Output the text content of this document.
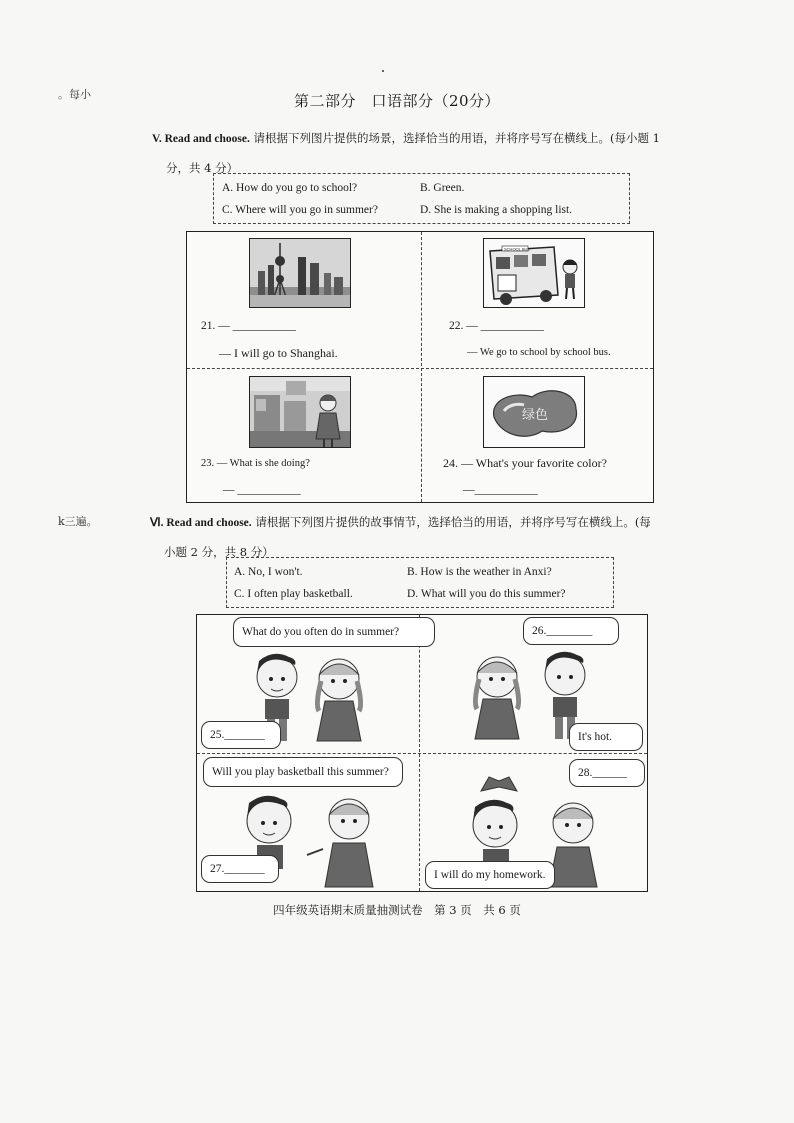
。每小
k三遍。
第二部分　口语部分（20分）
V. Read and choose. 请根据下列图片提供的场景，选择恰当的用语，并将序号写在横线上。(每小题 1
分，共 4 分）
A. How do you go to school?	B. Green.
C. Where will you go in summer?	D. She is making a shopping list.
21. — ___________
— I will go to Shanghai.
SCHOOL BUS
22. — ___________
— We go to school by school bus.
23. — What is she doing?
— ___________
绿色
24. — What's your favorite color?
—___________
Ⅵ. Read and choose. 请根据下列图片提供的故事情节，选择恰当的用语，并将序号写在横线上。(每
小题 2 分，共 8 分）
A. No, I won't.	B. How is the weather in Anxi?
C. I often play basketball.	D. What will you do this summer?
What do you often do in summer?
25._______
26.________
It's hot.
Will you play basketball this summer?
27._______
28.______
I will do my homework.
四年级英语期末质量抽测试卷　第 3 页　共 6 页
